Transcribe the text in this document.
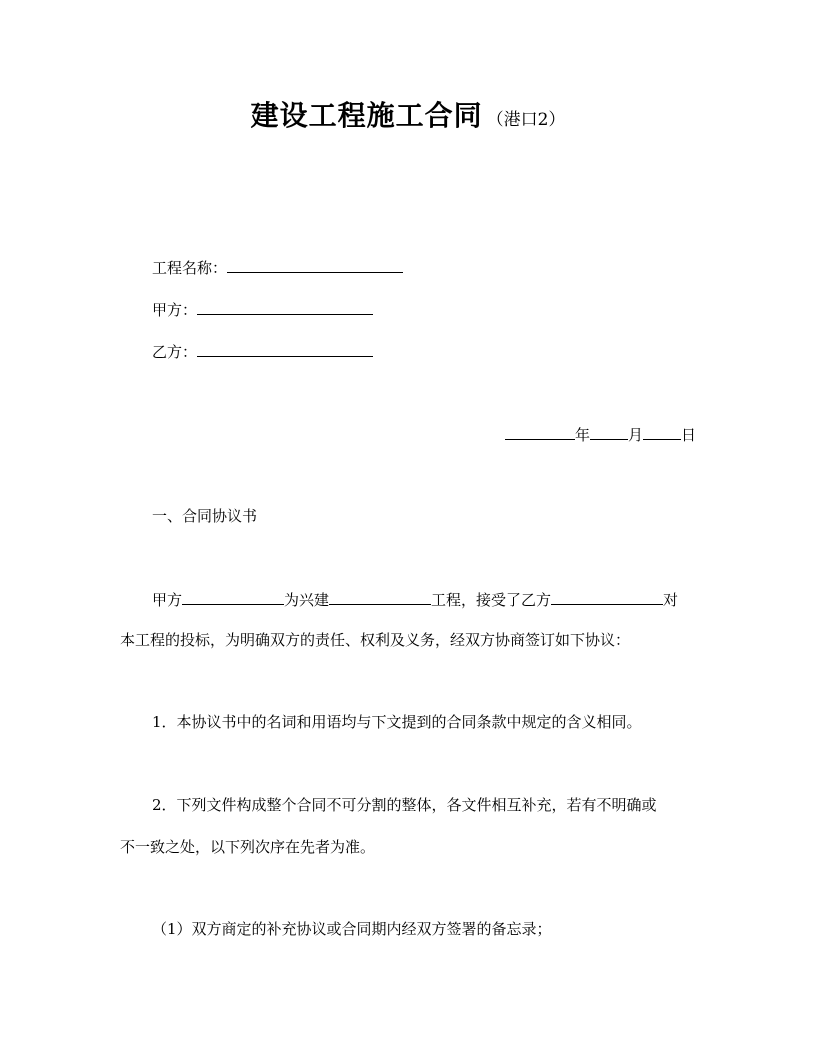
建设工程施工合同 （港口2）
工程名称：
甲方：
乙方：
年	月	日
一、合同协议书
甲方	为兴建	工程，接受了乙方	对
本工程的投标，为明确双方的责任、权利及义务，经双方协商签订如下协议：
1．本协议书中的名词和用语均与下文提到的合同条款中规定的含义相同。
2．下列文件构成整个合同不可分割的整体，各文件相互补充，若有不明确或
不一致之处，以下列次序在先者为准。
（1）双方商定的补充协议或合同期内经双方签署的备忘录；
